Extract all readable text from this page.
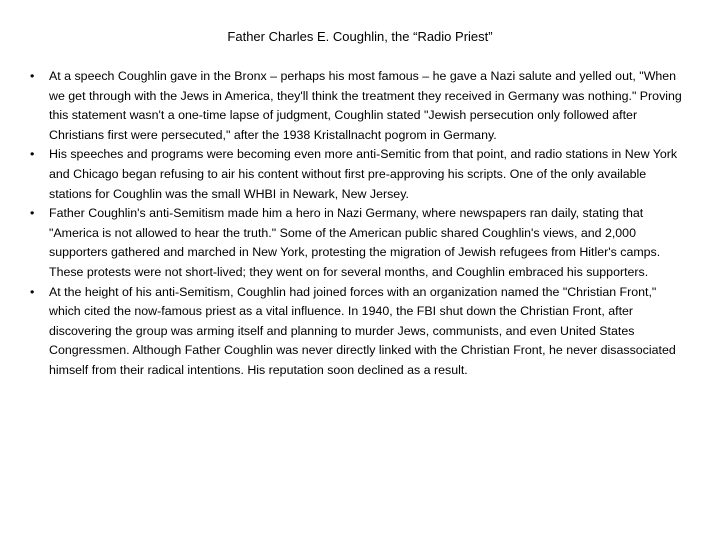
Father Charles E. Coughlin, the “Radio Priest”
• At a speech Coughlin gave in the Bronx – perhaps his most famous – he gave a Nazi salute and yelled out, "When we get through with the Jews in America, they'll think the treatment they received in Germany was nothing." Proving this statement wasn't a one-time lapse of judgment, Coughlin stated "Jewish persecution only followed after Christians first were persecuted," after the 1938 Kristallnacht pogrom in Germany.
• His speeches and programs were becoming even more anti-Semitic from that point, and radio stations in New York and Chicago began refusing to air his content without first pre-approving his scripts. One of the only available stations for Coughlin was the small WHBI in Newark, New Jersey.
• Father Coughlin's anti-Semitism made him a hero in Nazi Germany, where newspapers ran daily, stating that "America is not allowed to hear the truth." Some of the American public shared Coughlin's views, and 2,000 supporters gathered and marched in New York, protesting the migration of Jewish refugees from Hitler's camps. These protests were not short-lived; they went on for several months, and Coughlin embraced his supporters.
• At the height of his anti-Semitism, Coughlin had joined forces with an organization named the "Christian Front," which cited the now-famous priest as a vital influence. In 1940, the FBI shut down the Christian Front, after discovering the group was arming itself and planning to murder Jews, communists, and even United States Congressmen. Although Father Coughlin was never directly linked with the Christian Front, he never disassociated himself from their radical intentions. His reputation soon declined as a result.
